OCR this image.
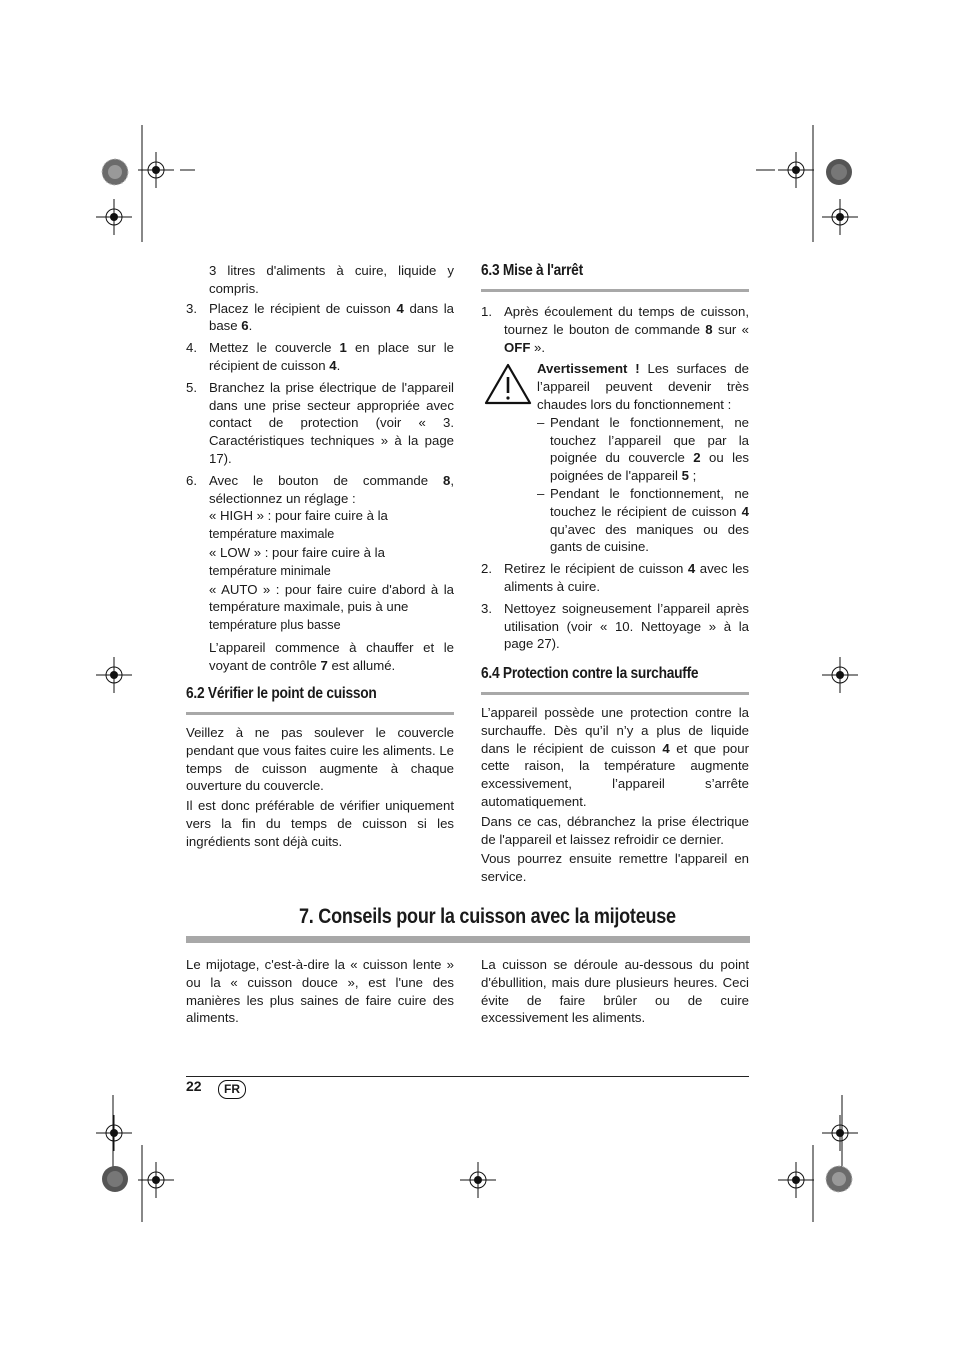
3 litres d'aliments à cuire, liquide y compris.

3. Placez le récipient de cuisson 4 dans la base 6.
4. Mettez le couvercle 1 en place sur le récipient de cuisson 4.
5. Branchez la prise électrique de l'appareil dans une prise secteur appropriée avec contact de protection (voir « 3. Caractéristiques techniques » à la page 17).
6. Avec le bouton de commande 8, sélectionnez un réglage :
« HIGH » : pour faire cuire à la
température maximale
« LOW » : pour faire cuire à la
température minimale
« AUTO » : pour faire cuire d'abord à la température maximale, puis à une
température plus basse

L’appareil commence à chauffer et le voyant de contrôle 7 est allumé.

6.2 Vérifier le point de cuisson

Veillez à ne pas soulever le couvercle pendant que vous faites cuire les aliments. Le temps de cuisson augmente à chaque ouverture du couvercle.

Il est donc préférable de vérifier uniquement vers la fin du temps de cuisson si les ingrédients sont déjà cuits.

6.3 Mise à l'arrêt
1. Après écoulement du temps de cuisson, tournez le bouton de commande 8 sur « OFF ».
Avertissement ! Les surfaces de l’appareil peuvent devenir très chaudes lors du fonctionnement :
– Pendant le fonctionnement, ne touchez l’appareil que par la poignée du couvercle 2 ou les poignées de l'appareil 5 ;
– Pendant le fonctionnement, ne touchez le récipient de cuisson 4 qu’avec des maniques ou des gants de cuisine.
2. Retirez le récipient de cuisson 4 avec les aliments à cuire.
3. Nettoyez soigneusement l’appareil après utilisation (voir « 10. Nettoyage » à la page 27).
6.4 Protection contre la surchauffe

L’appareil possède une protection contre la surchauffe. Dès qu’il n’y a plus de liquide dans le récipient de cuisson 4 et que pour cette raison, la température augmente excessivement, l’appareil s’arrête automatiquement.

Dans ce cas, débranchez la prise électrique de l'appareil et laissez refroidir ce dernier.

Vous pourrez ensuite remettre l'appareil en service.

7. Conseils pour la cuisson avec la mijoteuse

Le mijotage, c'est-à-dire la « cuisson lente » ou la « cuisson douce », est l'une des manières les plus saines de faire cuire des aliments.

La cuisson se déroule au-dessous du point d'ébullition, mais dure plusieurs heures. Ceci évite de faire brûler ou de cuire excessivement les aliments.

22	FR
